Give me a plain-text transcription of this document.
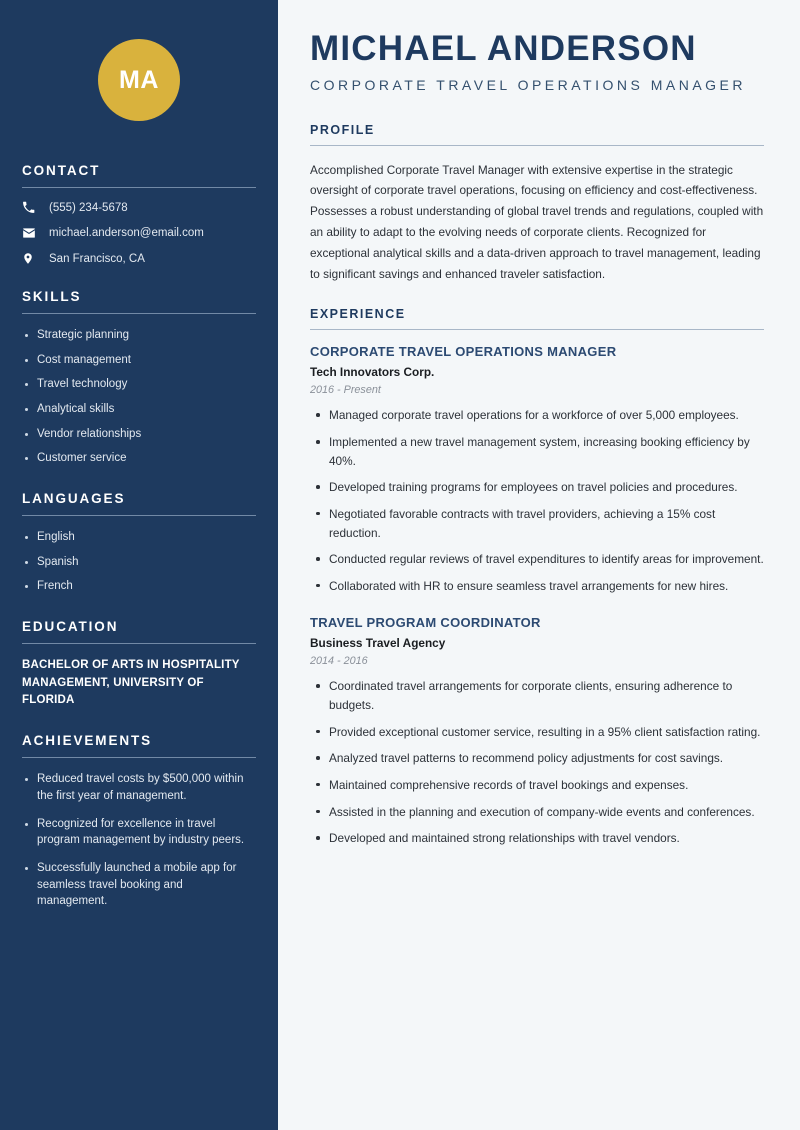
MA
CONTACT
(555) 234-5678
michael.anderson@email.com
San Francisco, CA
SKILLS
Strategic planning
Cost management
Travel technology
Analytical skills
Vendor relationships
Customer service
LANGUAGES
English
Spanish
French
EDUCATION
BACHELOR OF ARTS IN HOSPITALITY MANAGEMENT, UNIVERSITY OF FLORIDA
ACHIEVEMENTS
Reduced travel costs by $500,000 within the first year of management.
Recognized for excellence in travel program management by industry peers.
Successfully launched a mobile app for seamless travel booking and management.
MICHAEL ANDERSON
CORPORATE TRAVEL OPERATIONS MANAGER
PROFILE

Accomplished Corporate Travel Manager with extensive expertise in the strategic oversight of corporate travel operations, focusing on efficiency and cost-effectiveness. Possesses a robust understanding of global travel trends and regulations, coupled with an ability to adapt to the evolving needs of corporate clients. Recognized for exceptional analytical skills and a data-driven approach to travel management, leading to significant savings and enhanced traveler satisfaction.

EXPERIENCE
CORPORATE TRAVEL OPERATIONS MANAGER
Tech Innovators Corp.
2016 - Present
Managed corporate travel operations for a workforce of over 5,000 employees.
Implemented a new travel management system, increasing booking efficiency by 40%.
Developed training programs for employees on travel policies and procedures.
Negotiated favorable contracts with travel providers, achieving a 15% cost reduction.
Conducted regular reviews of travel expenditures to identify areas for improvement.
Collaborated with HR to ensure seamless travel arrangements for new hires.
TRAVEL PROGRAM COORDINATOR
Business Travel Agency
2014 - 2016
Coordinated travel arrangements for corporate clients, ensuring adherence to budgets.
Provided exceptional customer service, resulting in a 95% client satisfaction rating.
Analyzed travel patterns to recommend policy adjustments for cost savings.
Maintained comprehensive records of travel bookings and expenses.
Assisted in the planning and execution of company-wide events and conferences.
Developed and maintained strong relationships with travel vendors.
